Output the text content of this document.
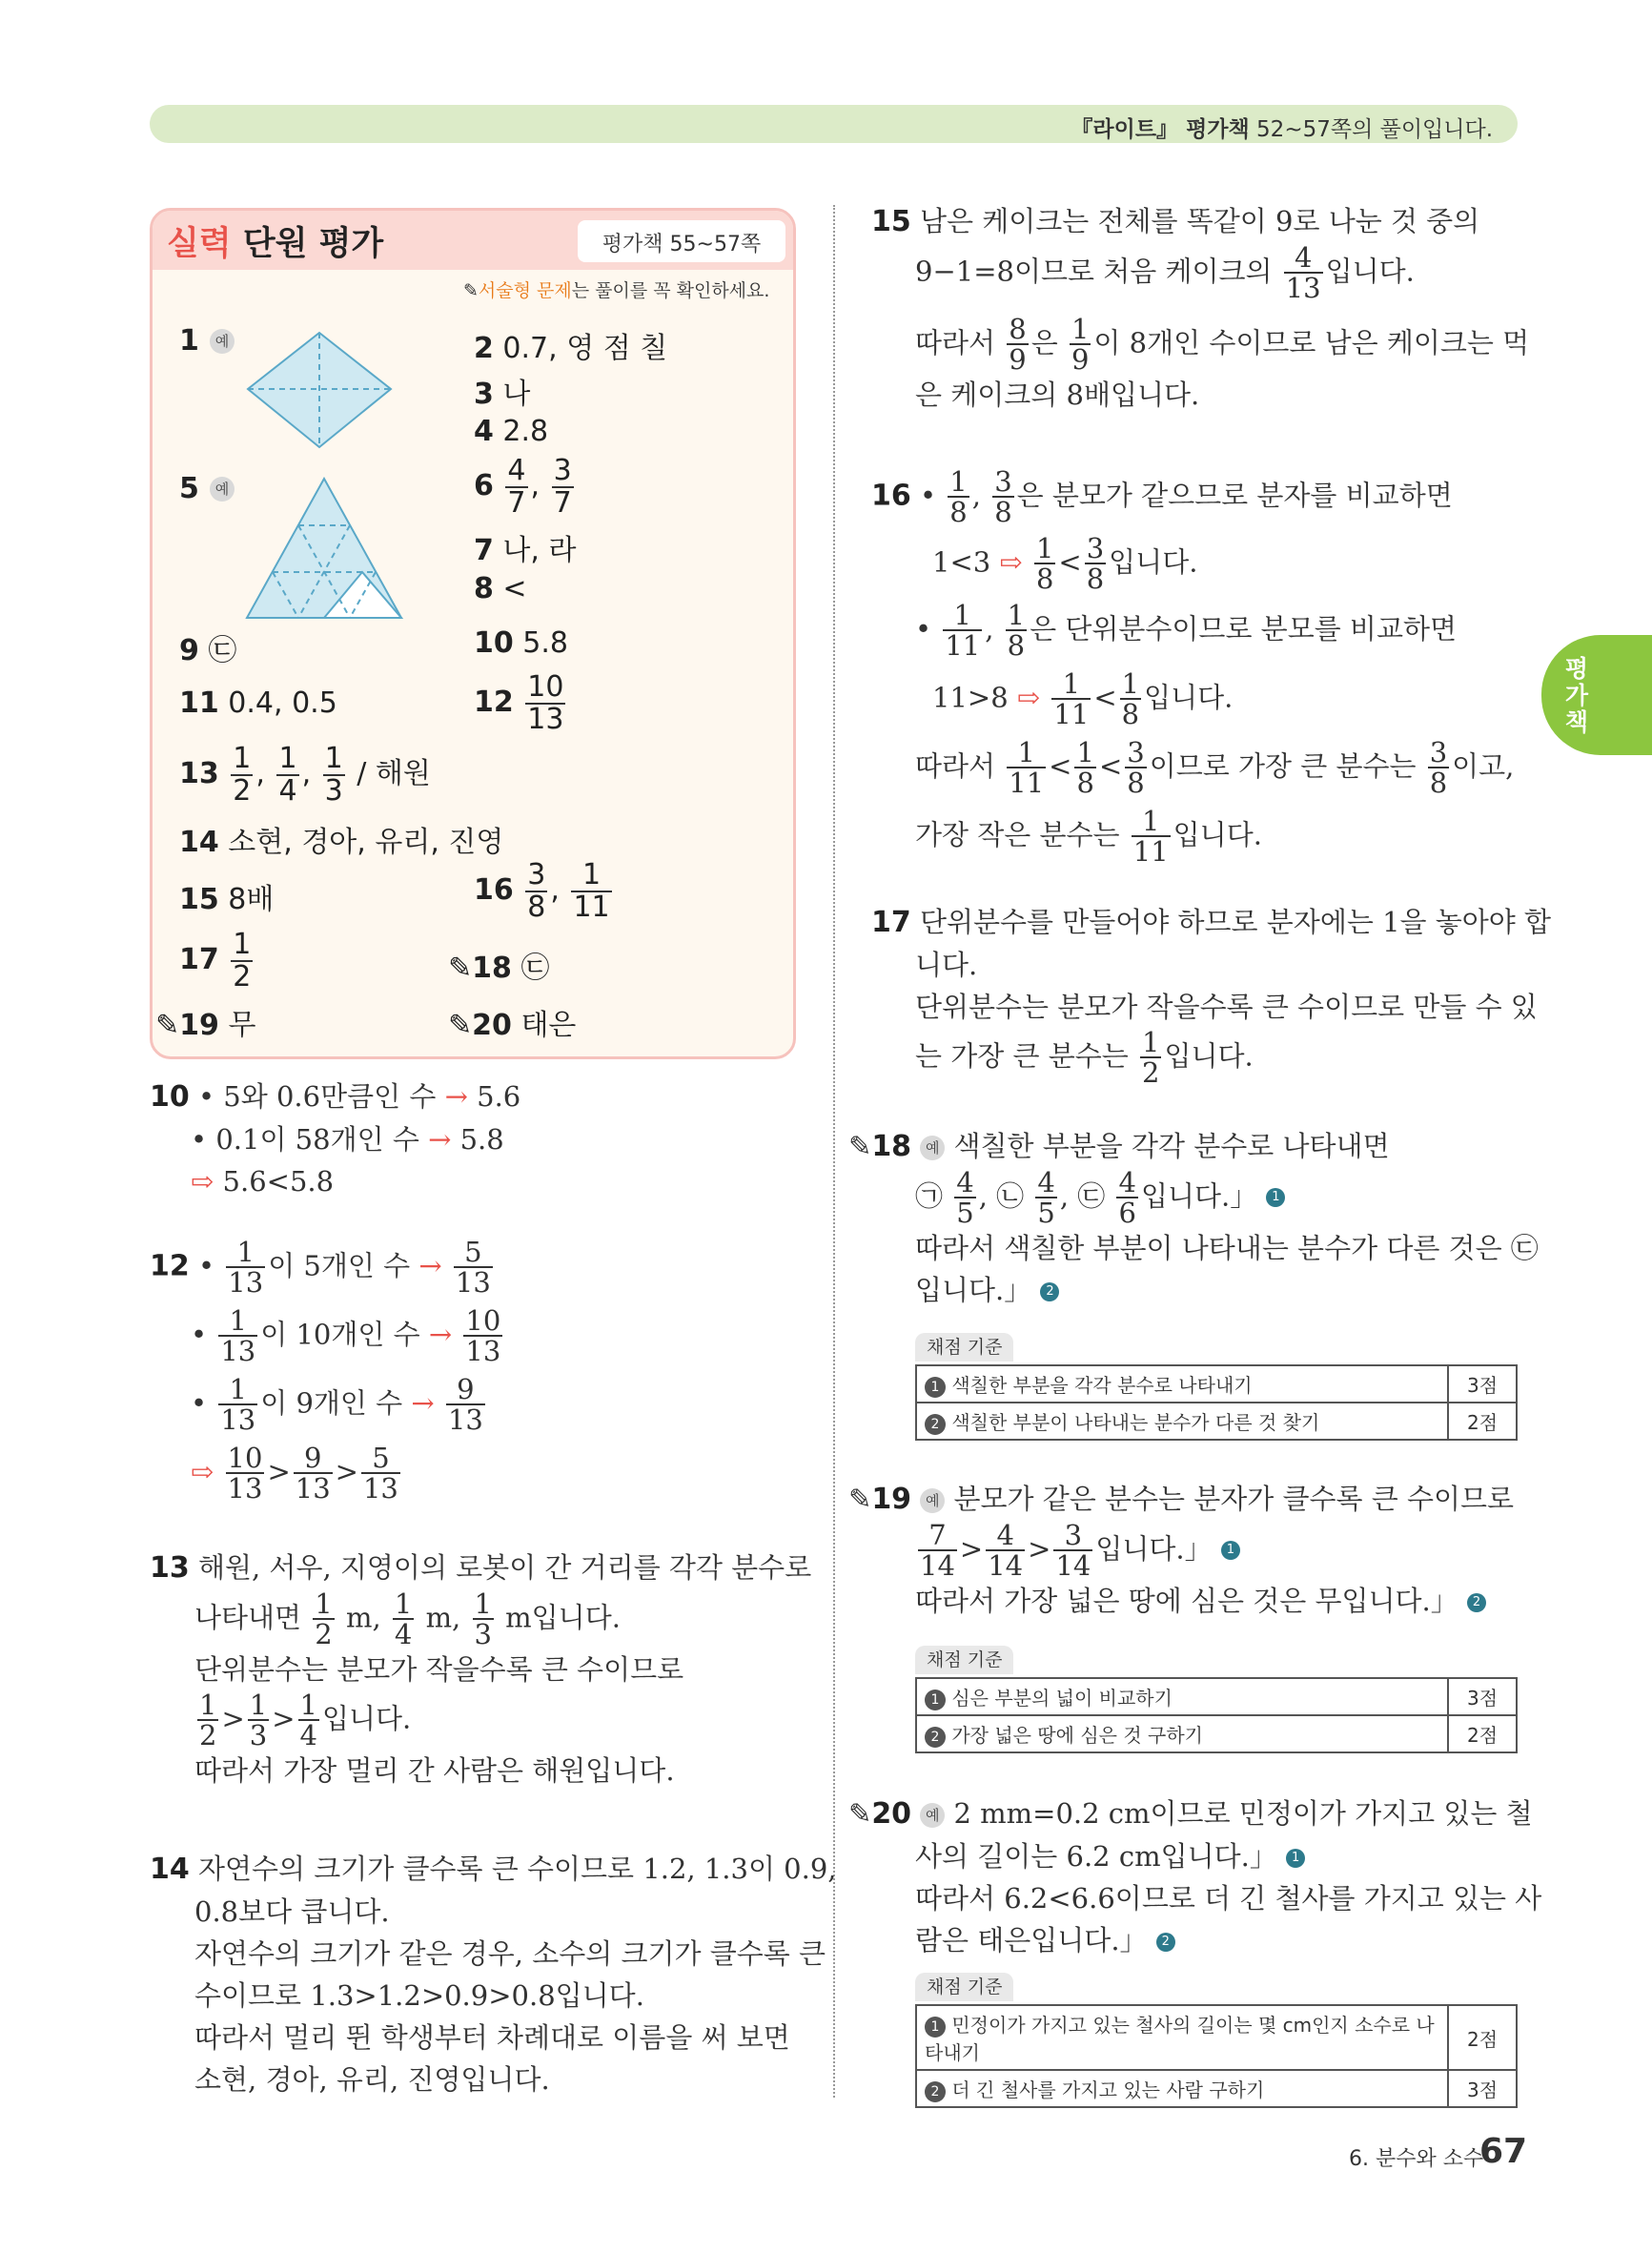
『라이트』 평가책 52~57쪽의 풀이입니다.
평가책
실력 단원 평가	평가책 55~57쪽
✎서술형 문제는 풀이를 꼭 확인하세요.
1	예
5	예
2 0.7, 영 점 칠
3 나
4 2.8
$6 \frac{4}{7}$ , $\frac{3}{7}$
7 나, 라
8 <
9 ㉢	10 5.8
11 0.4, 0.5	$12 \frac{10}{13}$
$13 \frac{1}{2}$ , $\frac{1}{4}$ , $\frac{1}{3}$ / 해원
14 소현, 경아, 유리, 진영
15 8배	$16 \frac{3}{8}$ , $\frac{1}{11}$
$17 \frac{1}{2}$	✎18 ㉢
✎19 무	✎20 태은
10 • 5와 0.6만큼인 수 → 5.6
• 0.1이 58개인 수 → 5.8
⇨ 5.6<5.8
12 • $\frac{1}{13}$ 이 5개인 수 → $\frac{5}{13}$
• $\frac{1}{13}$ 이 10개인 수 → $\frac{10}{13}$
• $\frac{1}{13}$ 이 9개인 수 → $\frac{9}{13}$
⇨ $\frac{10}{13} > \frac{9}{13} > \frac{5}{13}$
13 해원, 서우, 지영이의 로봇이 간 거리를 각각 분수로
나타내면 $\frac{1}{2} m$, $\frac{1}{4} m$, $\frac{1}{3}$ m입니다.
단위분수는 분모가 작을수록 큰 수이므로
$\frac{1}{2} > \frac{1}{3} > \frac{1}{4}$ 입니다.
따라서 가장 멀리 간 사람은 해원입니다.
14 자연수의 크기가 클수록 큰 수이므로 1.2, 1.3이 0.9,
0.8보다 큽니다.
자연수의 크기가 같은 경우, 소수의 크기가 클수록 큰
수이므로 1.3>1.2>0.9>0.8입니다.
따라서 멀리 뛴 학생부터 차례대로 이름을 써 보면
소현, 경아, 유리, 진영입니다.
15 남은 케이크는 전체를 똑같이 9로 나눈 것 중의
9−1=8이므로 처음 케이크의 $\frac{4}{13}$ 입니다.
따라서 $\frac{8}{9}$ 은 $\frac{1}{9}$ 이 8개인 수이므로 남은 케이크는 먹
은 케이크의 8배입니다.
16 • $\frac{1}{8}$ , $\frac{3}{8}$ 은 분모가 같으므로 분자를 비교하면
1<3 ⇨ $\frac{1}{8} < \frac{3}{8}$ 입니다.
• $\frac{1}{11}$ , $\frac{1}{8}$ 은 단위분수이므로 분모를 비교하면
11>8 ⇨ $\frac{1}{11} < \frac{1}{8}$ 입니다.
따라서 $\frac{1}{11} < \frac{1}{8} < \frac{3}{8}$ 이므로 가장 큰 분수는 $\frac{3}{8}$ 이고,
가장 작은 분수는 $\frac{1}{11}$ 입니다.
17 단위분수를 만들어야 하므로 분자에는 1을 놓아야 합
니다.
단위분수는 분모가 작을수록 큰 수이므로 만들 수 있
는 가장 큰 분수는 $\frac{1}{2}$ 입니다.
✎18 예 색칠한 부분을 각각 분수로 나타내면
㉠ $\frac{4}{5}$ , ㉡ $\frac{4}{5}$ , ㉢ $\frac{4}{6}$ 입니다.」 1
따라서 색칠한 부분이 나타내는 분수가 다른 것은 ㉢
입니다.」 2
채점 기준
1 색칠한 부분을 각각 분수로 나타내기	3점
2 색칠한 부분이 나타내는 분수가 다른 것 찾기	2점
✎19 예 분모가 같은 분수는 분자가 클수록 큰 수이므로
$\frac{7}{14} > \frac{4}{14} > \frac{3}{14}$ 입니다.」 1
따라서 가장 넓은 땅에 심은 것은 무입니다.」 2
채점 기준
1 심은 부분의 넓이 비교하기	3점
2 가장 넓은 땅에 심은 것 구하기	2점
✎20 예 2 mm=0.2 cm이므로 민정이가 가지고 있는 철
사의 길이는 6.2 cm입니다.」 1
따라서 6.2<6.6이므로 더 긴 철사를 가지고 있는 사
람은 태은입니다.」 2
채점 기준
1 민정이가 가지고 있는 철사의 길이는 몇 cm인지 소수로 나타내기	2점
2 더 긴 철사를 가지고 있는 사람 구하기	3점
6. 분수와 소수
67
